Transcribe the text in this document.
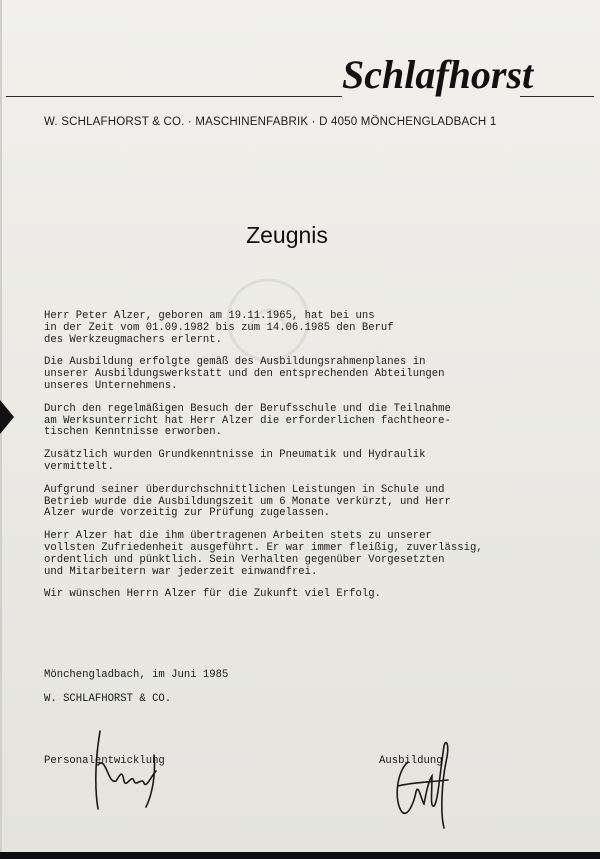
Schlafhorst
W. SCHLAFHORST & CO. · MASCHINENFABRIK · D 4050 MÖNCHENGLADBACH 1
Zeugnis

Herr Peter Alzer, geboren am 19.11.1965, hat bei uns
in der Zeit vom 01.09.1982 bis zum 14.06.1985 den Beruf
des Werkzeugmachers erlernt.

Die Ausbildung erfolgte gemäß des Ausbildungsrahmenplanes in
unserer Ausbildungswerkstatt und den entsprechenden Abteilungen
unseres Unternehmens.

Durch den regelmäßigen Besuch der Berufsschule und die Teilnahme
am Werksunterricht hat Herr Alzer die erforderlichen fachtheore-
tischen Kenntnisse erworben.

Zusätzlich wurden Grundkenntnisse in Pneumatik und Hydraulik
vermittelt.

Aufgrund seiner überdurchschnittlichen Leistungen in Schule und
Betrieb wurde die Ausbildungszeit um 6 Monate verkürzt, und Herr
Alzer wurde vorzeitig zur Prüfung zugelassen.

Herr Alzer hat die ihm übertragenen Arbeiten stets zu unserer
vollsten Zufriedenheit ausgeführt. Er war immer fleißig, zuverlässig,
ordentlich und pünktlich. Sein Verhalten gegenüber Vorgesetzten
und Mitarbeitern war jederzeit einwandfrei.

Wir wünschen Herrn Alzer für die Zukunft viel Erfolg.

Mönchengladbach, im Juni 1985
W. SCHLAFHORST & CO.
Personalentwicklung	Ausbildung
